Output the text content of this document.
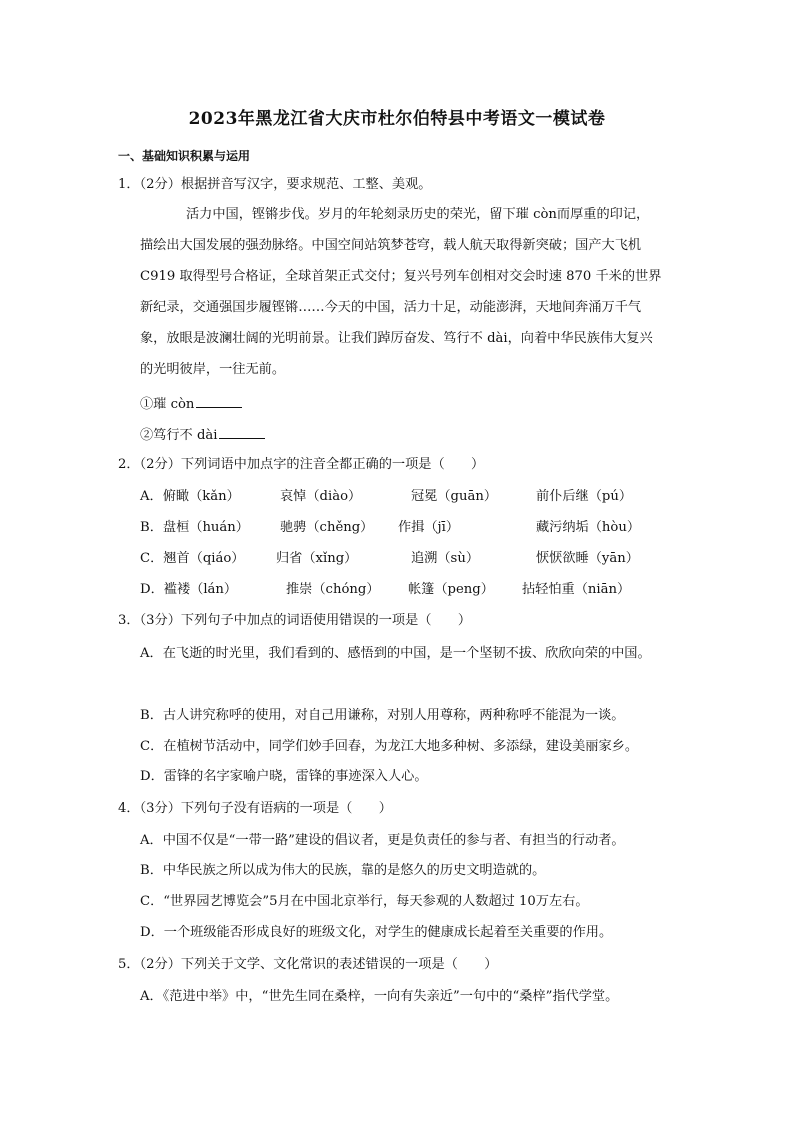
2023年黑龙江省大庆市杜尔伯特县中考语文一模试卷
一、基础知识积累与运用
1．（2分）根据拼音写汉字，要求规范、工整、美观。
活力中国，铿锵步伐。岁月的年轮刻录历史的荣光，留下璀 còn而厚重的印记，
描绘出大国发展的强劲脉络。中国空间站筑梦苍穹，载人航天取得新突破；国产大飞机
C919 取得型号合格证，全球首架正式交付；复兴号列车创相对交会时速 870 千米的世界
新纪录，交通强国步履铿锵……今天的中国，活力十足，动能澎湃，天地间奔涌万千气
象，放眼是波澜壮阔的光明前景。让我们踔厉奋发、笃行不 dài，向着中华民族伟大复兴
的光明彼岸，一往无前。
①璀 còn
②笃行不 dài
2．（2分）下列词语中加点字的注音全都正确的一项是（　　）
A．俯瞰（kǎn）	哀悼（diào）	冠冕（guān）	前仆后继（pú）
B．盘桓（huán） 驰骋（chěng） 作揖（jī）	藏污纳垢（hòu）
C．翘首（qiáo） 归省（xǐng）	追溯（sù）	恹恹欲睡（yān）
D．褴褛（lán）	推崇（chóng） 帐篷（peng） 拈轻怕重（niān）
3．（3分）下列句子中加点的词语使用错误的一项是（　　）
A．在飞逝的时光里，我们看到的、感悟到的中国，是一个坚韧不拔、欣欣向荣的中国。
B．古人讲究称呼的使用，对自己用谦称，对别人用尊称，两种称呼不能混为一谈。
C．在植树节活动中，同学们妙手回春，为龙江大地多种树、多添绿，建设美丽家乡。
D．雷锋的名字家喻户晓，雷锋的事迹深入人心。
4．（3分）下列句子没有语病的一项是（　　）
A．中国不仅是“一带一路”建设的倡议者，更是负责任的参与者、有担当的行动者。
B．中华民族之所以成为伟大的民族，靠的是悠久的历史文明造就的。
C．“世界园艺博览会”5月在中国北京举行，每天参观的人数超过 10万左右。
D．一个班级能否形成良好的班级文化，对学生的健康成长起着至关重要的作用。
5．（2分）下列关于文学、文化常识的表述错误的一项是（　　）
A．《范进中举》中，“世先生同在桑梓，一向有失亲近”一句中的“桑梓”指代学堂。
